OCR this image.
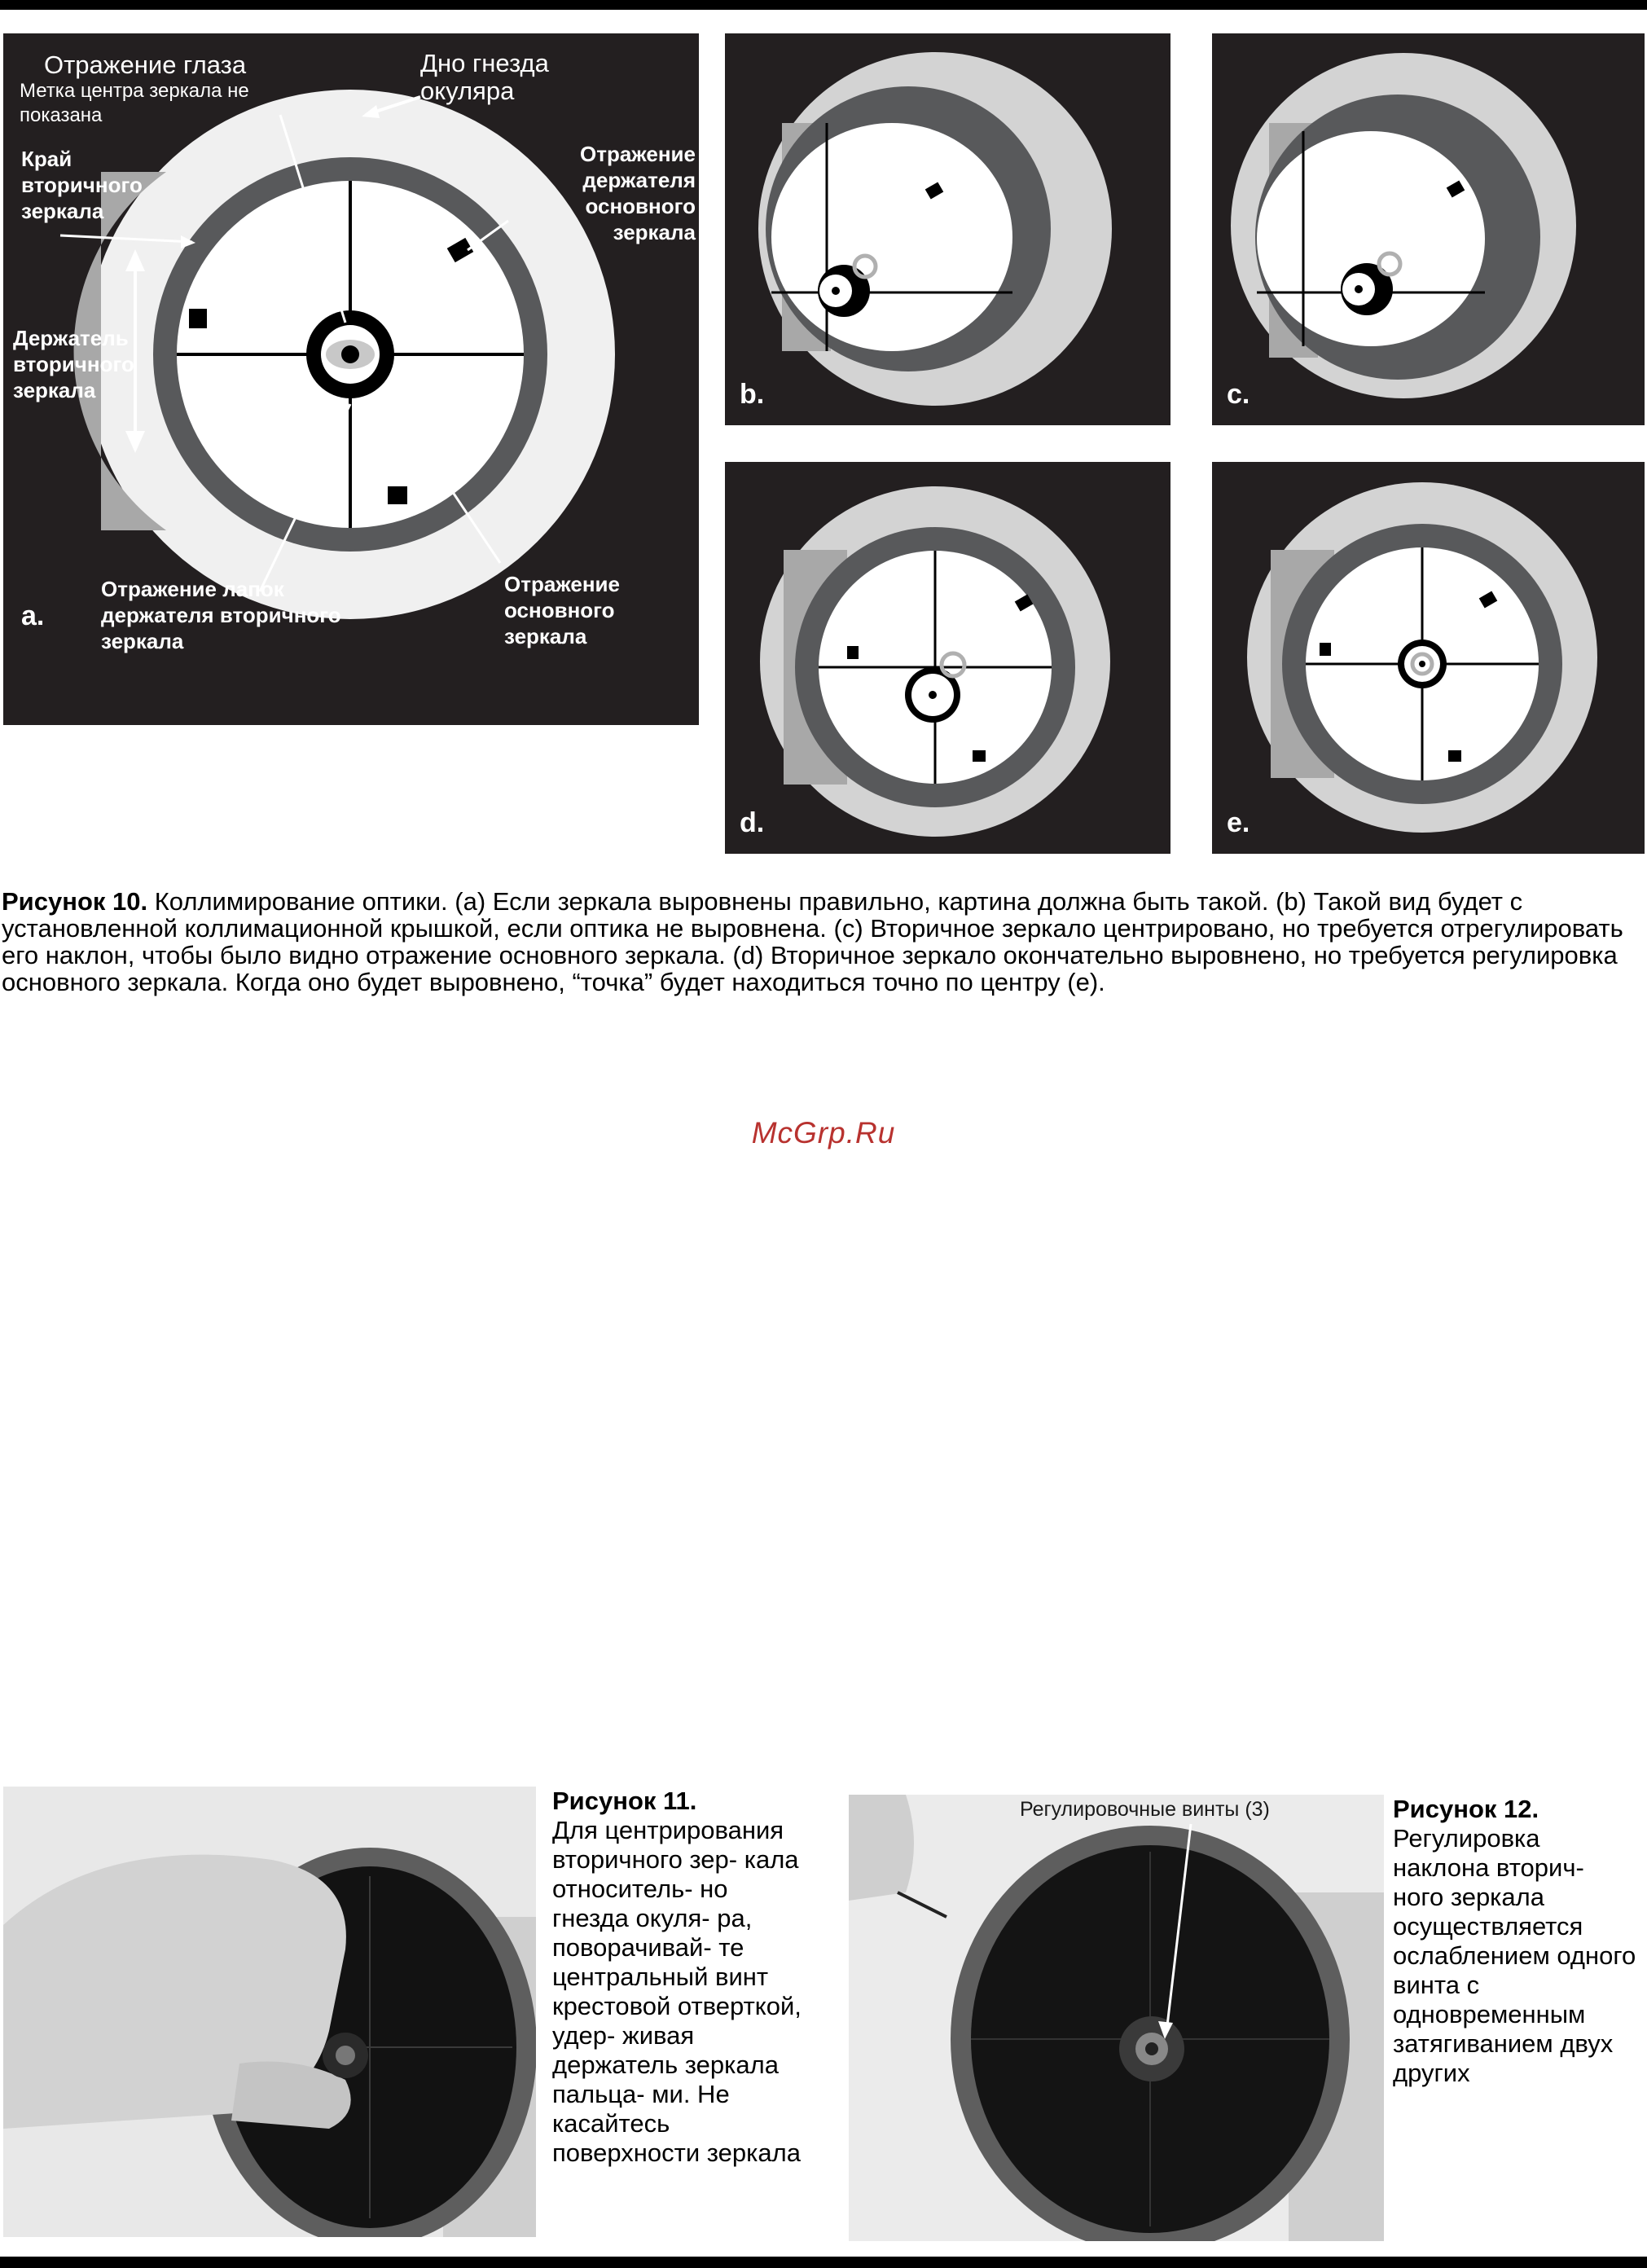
Отражение глаза
Метка центра зеркала не показана
Дно гнезда окуляра
Край вторичного зеркала
Держатель вторичного зеркала
Отражение держателя основного зеркала
Отражение лапок держателя вторичного зеркала
Отражение основного зеркала
a.
b.	c.
d.	e.
Рисунок 10. Коллимирование оптики. (а) Если зеркала выровнены правильно, картина должна быть такой. (b) Такой вид будет с установленной коллимационной крышкой, если оптика не выровнена. (с) Вторичное зеркало центрировано, но требуется отрегулировать его наклон, чтобы было видно отражение основного зеркала. (d) Вторичное зеркало окончательно выровнено, но требуется регулировка основного зеркала. Когда оно будет выровнено, “точка” будет находиться точно по центру (е).
McGrp.Ru
Рисунок 11.
Для центрирования вторичного зер- кала относитель- но гнезда окуля- ра, поворачивай- те центральный винт крестовой отверткой, удер- живая держатель зеркала пальца- ми. Не касайтесь поверхности зеркала
Регулировочные винты (3)	Рисунок 12.
Регулировка наклона вторич- ного зеркала осуществляется ослаблением одного винта с одновременным затягиванием двух других
